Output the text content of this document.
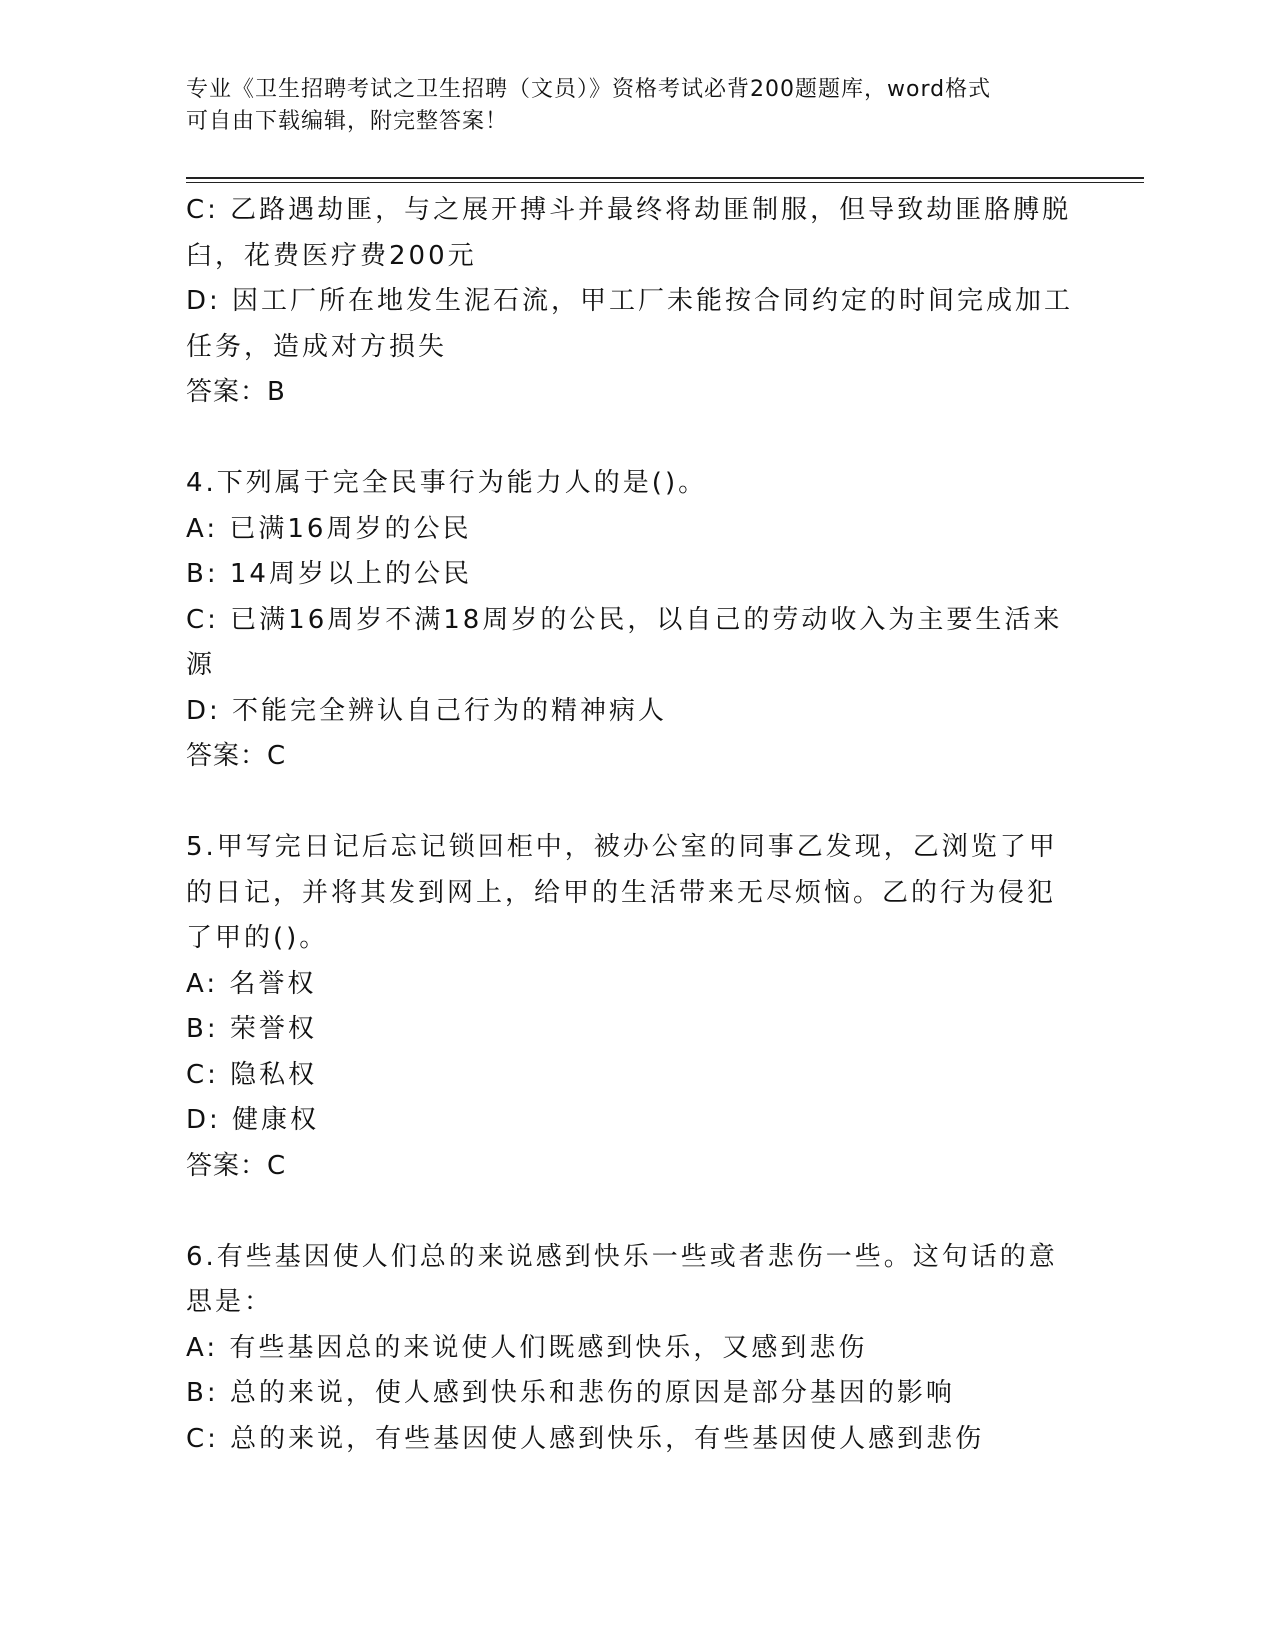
专业《卫生招聘考试之卫生招聘（文员）》资格考试必背200题题库，word格式
可自由下载编辑，附完整答案！
C: 乙路遇劫匪，与之展开搏斗并最终将劫匪制服，但导致劫匪胳膊脱
臼，花费医疗费200元
D: 因工厂所在地发生泥石流，甲工厂未能按合同约定的时间完成加工
任务，造成对方损失
答案：B
4.下列属于完全民事行为能力人的是()。
A: 已满16周岁的公民
B: 14周岁以上的公民
C: 已满16周岁不满18周岁的公民，以自己的劳动收入为主要生活来
源
D: 不能完全辨认自己行为的精神病人
答案：C
5.甲写完日记后忘记锁回柜中，被办公室的同事乙发现，乙浏览了甲
的日记，并将其发到网上，给甲的生活带来无尽烦恼。乙的行为侵犯
了甲的()。
A: 名誉权
B: 荣誉权
C: 隐私权
D: 健康权
答案：C
6.有些基因使人们总的来说感到快乐一些或者悲伤一些。这句话的意
思是：
A: 有些基因总的来说使人们既感到快乐，又感到悲伤
B: 总的来说，使人感到快乐和悲伤的原因是部分基因的影响
C: 总的来说，有些基因使人感到快乐，有些基因使人感到悲伤
